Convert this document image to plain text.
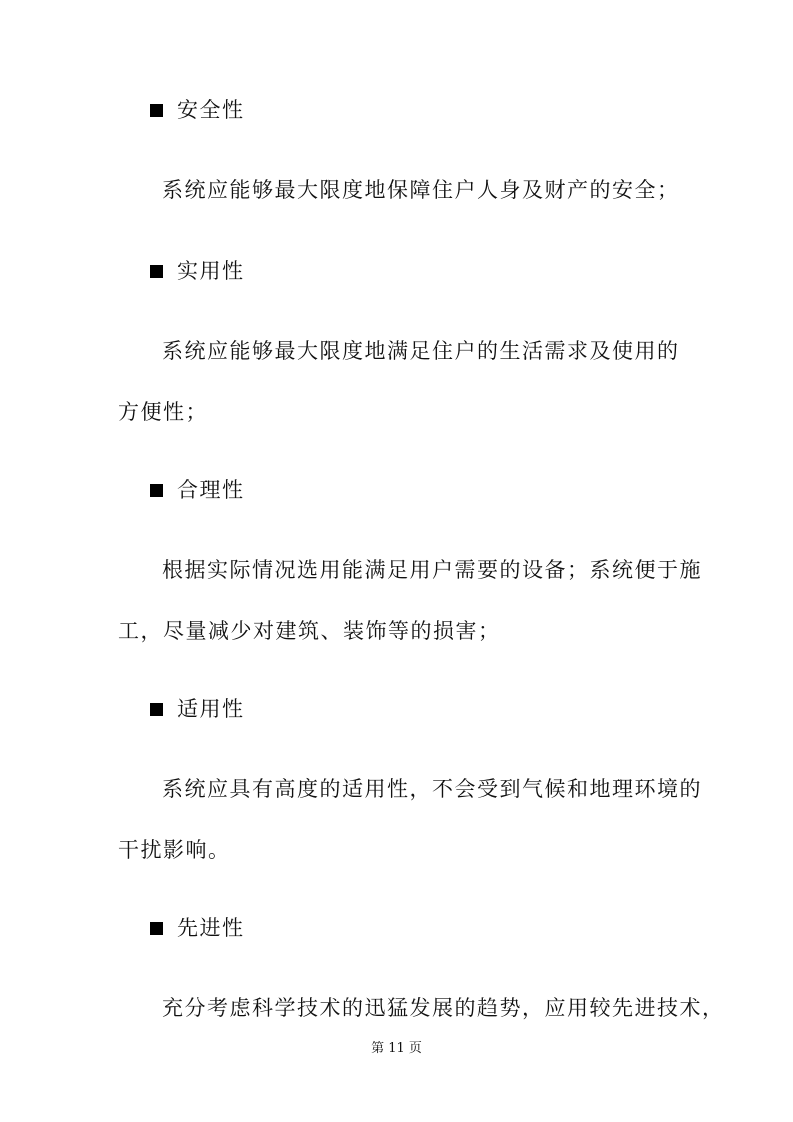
安全性
系统应能够最大限度地保障住户人身及财产的安全；
实用性
系统应能够最大限度地满足住户的生活需求及使用的
方便性；
合理性
根据实际情况选用能满足用户需要的设备；系统便于施
工，尽量减少对建筑、装饰等的损害；
适用性
系统应具有高度的适用性，不会受到气候和地理环境的
干扰影响。
先进性
充分考虑科学技术的迅猛发展的趋势，应用较先进技术，
第 11 页
